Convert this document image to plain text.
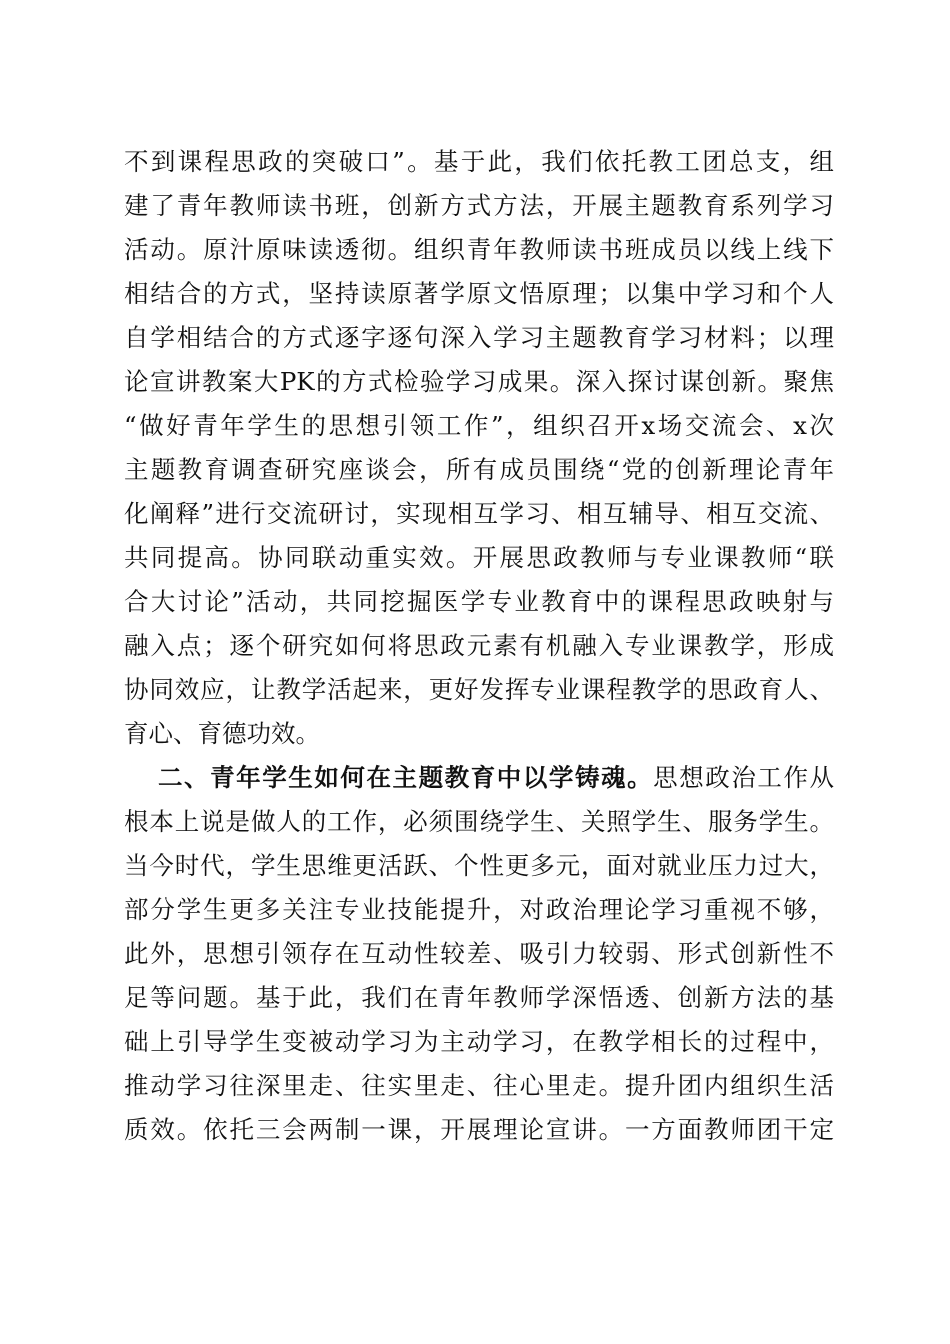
不到课程思政的突破口”。基于此，我们依托教工团总支，组
建了青年教师读书班，创新方式方法，开展主题教育系列学习
活动。原汁原味读透彻。组织青年教师读书班成员以线上线下
相结合的方式，坚持读原著学原文悟原理；以集中学习和个人
自学相结合的方式逐字逐句深入学习主题教育学习材料；以理
论宣讲教案大PK的方式检验学习成果。深入探讨谋创新。聚焦
“做好青年学生的思想引领工作”，组织召开x场交流会、x次
主题教育调查研究座谈会，所有成员围绕“党的创新理论青年
化阐释”进行交流研讨，实现相互学习、相互辅导、相互交流、
共同提高。协同联动重实效。开展思政教师与专业课教师“联
合大讨论”活动，共同挖掘医学专业教育中的课程思政映射与
融入点；逐个研究如何将思政元素有机融入专业课教学，形成
协同效应，让教学活起来，更好发挥专业课程教学的思政育人、
育心、育德功效。
二、青年学生如何在主题教育中以学铸魂。思想政治工作从
根本上说是做人的工作，必须围绕学生、关照学生、服务学生。
当今时代，学生思维更活跃、个性更多元，面对就业压力过大，
部分学生更多关注专业技能提升，对政治理论学习重视不够，
此外，思想引领存在互动性较差、吸引力较弱、形式创新性不
足等问题。基于此，我们在青年教师学深悟透、创新方法的基
础上引导学生变被动学习为主动学习，在教学相长的过程中，
推动学习往深里走、往实里走、往心里走。提升团内组织生活
质效。依托三会两制一课，开展理论宣讲。一方面教师团干定
